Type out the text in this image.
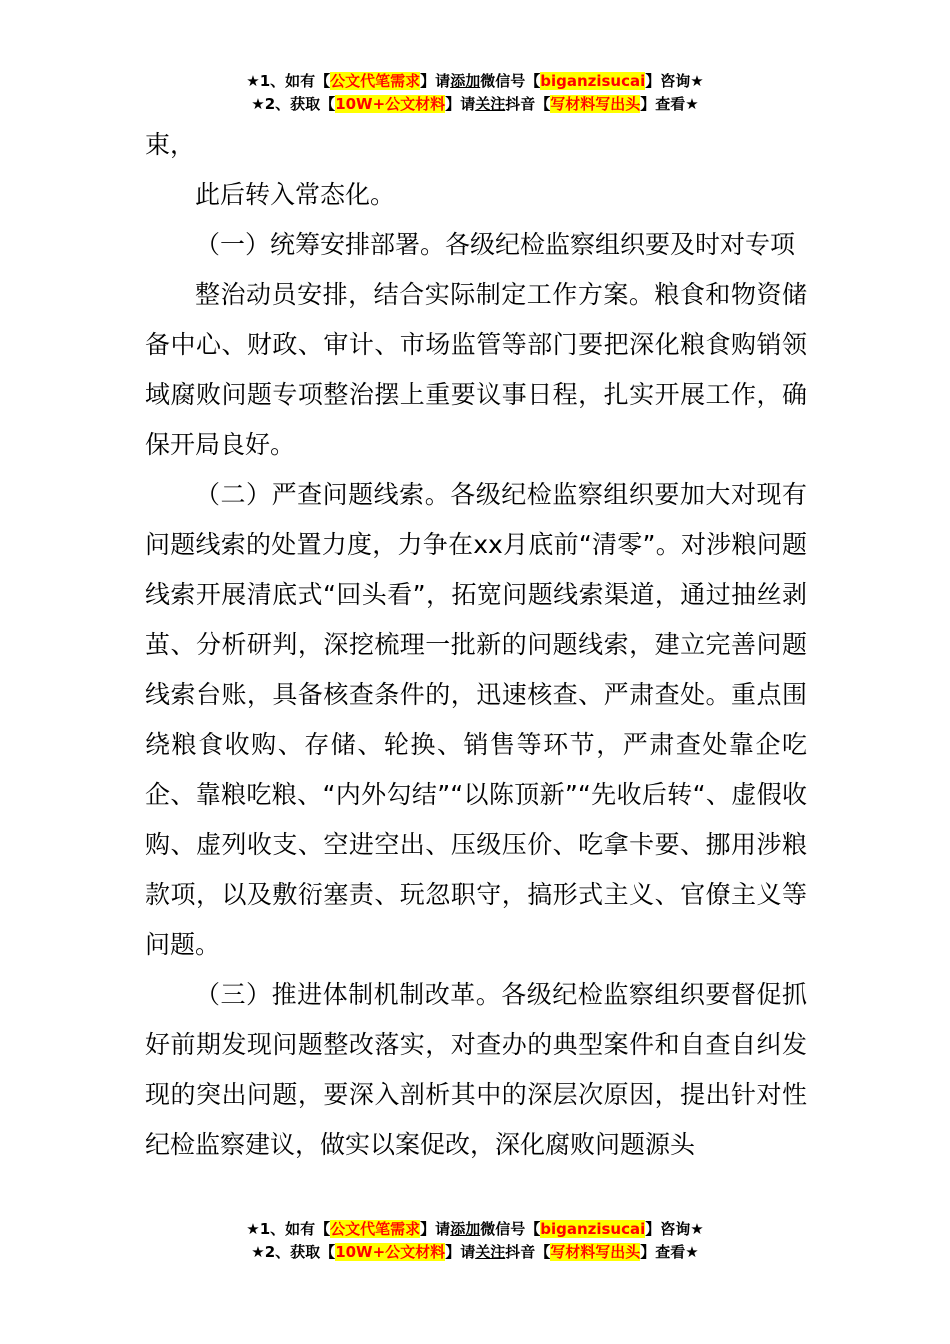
★1、如有【公文代笔需求】请添加微信号【biganzisucai】咨询★
★2、获取【10W+公文材料】请关注抖音【写材料写出头】查看★

束，

此后转入常态化。

（一）统筹安排部署。各级纪检监察组织要及时对专项

整治动员安排，结合实际制定工作方案。粮食和物资储备中心、财政、审计、市场监管等部门要把深化粮食购销领域腐败问题专项整治摆上重要议事日程，扎实开展工作，确保开局良好。

（二）严查问题线索。各级纪检监察组织要加大对现有问题线索的处置力度，力争在xx月底前“清零”。对涉粮问题线索开展清底式“回头看”，拓宽问题线索渠道，通过抽丝剥茧、分析研判，深挖梳理一批新的问题线索，建立完善问题线索台账，具备核查条件的，迅速核查、严肃查处。重点围绕粮食收购、存储、轮换、销售等环节，严肃查处靠企吃企、靠粮吃粮、“内外勾结”“以陈顶新”“先收后转“、虚假收购、虚列收支、空进空出、压级压价、吃拿卡要、挪用涉粮款项，以及敷衍塞责、玩忽职守，搞形式主义、官僚主义等问题。

（三）推进体制机制改革。各级纪检监察组织要督促抓好前期发现问题整改落实，对查办的典型案件和自查自纠发现的突出问题，要深入剖析其中的深层次原因，提出针对性纪检监察建议，做实以案促改，深化腐败问题源头

★1、如有【公文代笔需求】请添加微信号【biganzisucai】咨询★
★2、获取【10W+公文材料】请关注抖音【写材料写出头】查看★
